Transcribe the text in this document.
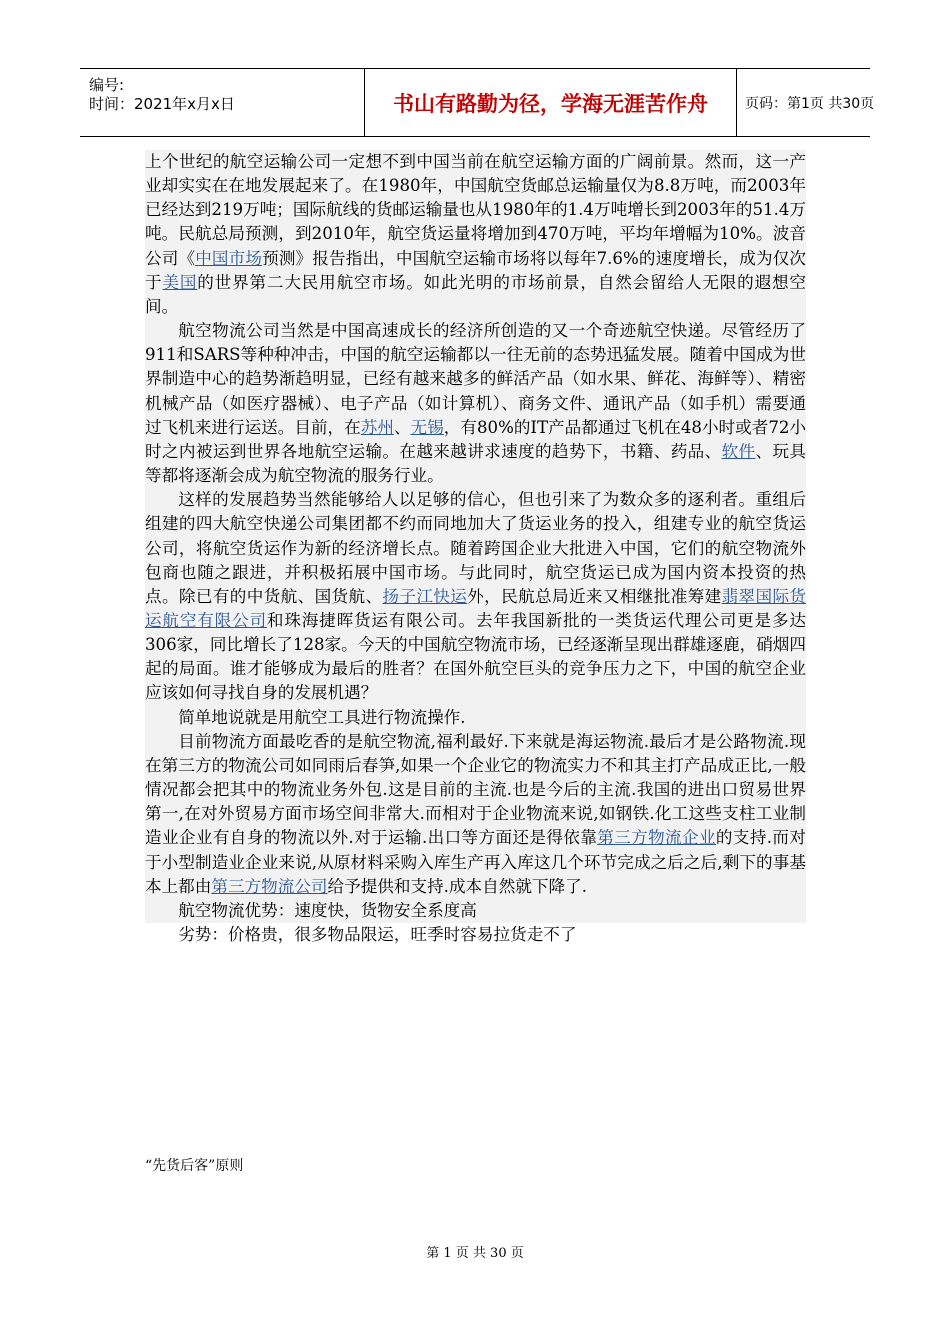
编号:
时间：2021年x月x日	书山有路勤为径，学海无涯苦作舟	页码：第1页 共30页

上个世纪的航空运输公司一定想不到中国当前在航空运输方面的广阔前景。然而，这一产业却实实在在地发展起来了。在1980年，中国航空货邮总运输量仅为8.8万吨，而2003年已经达到219万吨；国际航线的货邮运输量也从1980年的1.4万吨增长到2003年的51.4万吨。民航总局预测，到2010年，航空货运量将增加到470万吨，平均年增幅为10%。波音公司《中国市场预测》报告指出，中国航空运输市场将以每年7.6%的速度增长，成为仅次于美国的世界第二大民用航空市场。如此光明的市场前景，自然会留给人无限的遐想空间。

航空物流公司当然是中国高速成长的经济所创造的又一个奇迹航空快递。尽管经历了911和SARS等种种冲击，中国的航空运输都以一往无前的态势迅猛发展。随着中国成为世界制造中心的趋势渐趋明显，已经有越来越多的鲜活产品（如水果、鲜花、海鲜等）、精密机械产品（如医疗器械）、电子产品（如计算机）、商务文件、通讯产品（如手机）需要通过飞机来进行运送。目前，在苏州、无锡，有80%的IT产品都通过飞机在48小时或者72小时之内被运到世界各地航空运输。在越来越讲求速度的趋势下，书籍、药品、软件、玩具等都将逐渐会成为航空物流的服务行业。

这样的发展趋势当然能够给人以足够的信心，但也引来了为数众多的逐利者。重组后组建的四大航空快递公司集团都不约而同地加大了货运业务的投入，组建专业的航空货运公司，将航空货运作为新的经济增长点。随着跨国企业大批进入中国，它们的航空物流外包商也随之跟进，并积极拓展中国市场。与此同时，航空货运已成为国内资本投资的热点。除已有的中货航、国货航、扬子江快运外，民航总局近来又相继批准筹建翡翠国际货运航空有限公司和珠海捷晖货运有限公司。去年我国新批的一类货运代理公司更是多达306家，同比增长了128家。今天的中国航空物流市场，已经逐渐呈现出群雄逐鹿，硝烟四起的局面。谁才能够成为最后的胜者？在国外航空巨头的竞争压力之下，中国的航空企业应该如何寻找自身的发展机遇？

简单地说就是用航空工具进行物流操作.

目前物流方面最吃香的是航空物流,福利最好.下来就是海运物流.最后才是公路物流.现在第三方的物流公司如同雨后春笋,如果一个企业它的物流实力不和其主打产品成正比,一般情况都会把其中的物流业务外包.这是目前的主流.也是今后的主流.我国的进出口贸易世界第一,在对外贸易方面市场空间非常大.而相对于企业物流来说,如钢铁.化工这些支柱工业制造业企业有自身的物流以外.对于运输.出口等方面还是得依靠第三方物流企业的支持.而对于小型制造业企业来说,从原材料采购入库生产再入库这几个环节完成之后之后,剩下的事基本上都由第三方物流公司给予提供和支持.成本自然就下降了.

航空物流优势：速度快，货物安全系度高

劣势：价格贵，很多物品限运，旺季时容易拉货走不了

“先货后客”原则
第 1 页 共 30 页
